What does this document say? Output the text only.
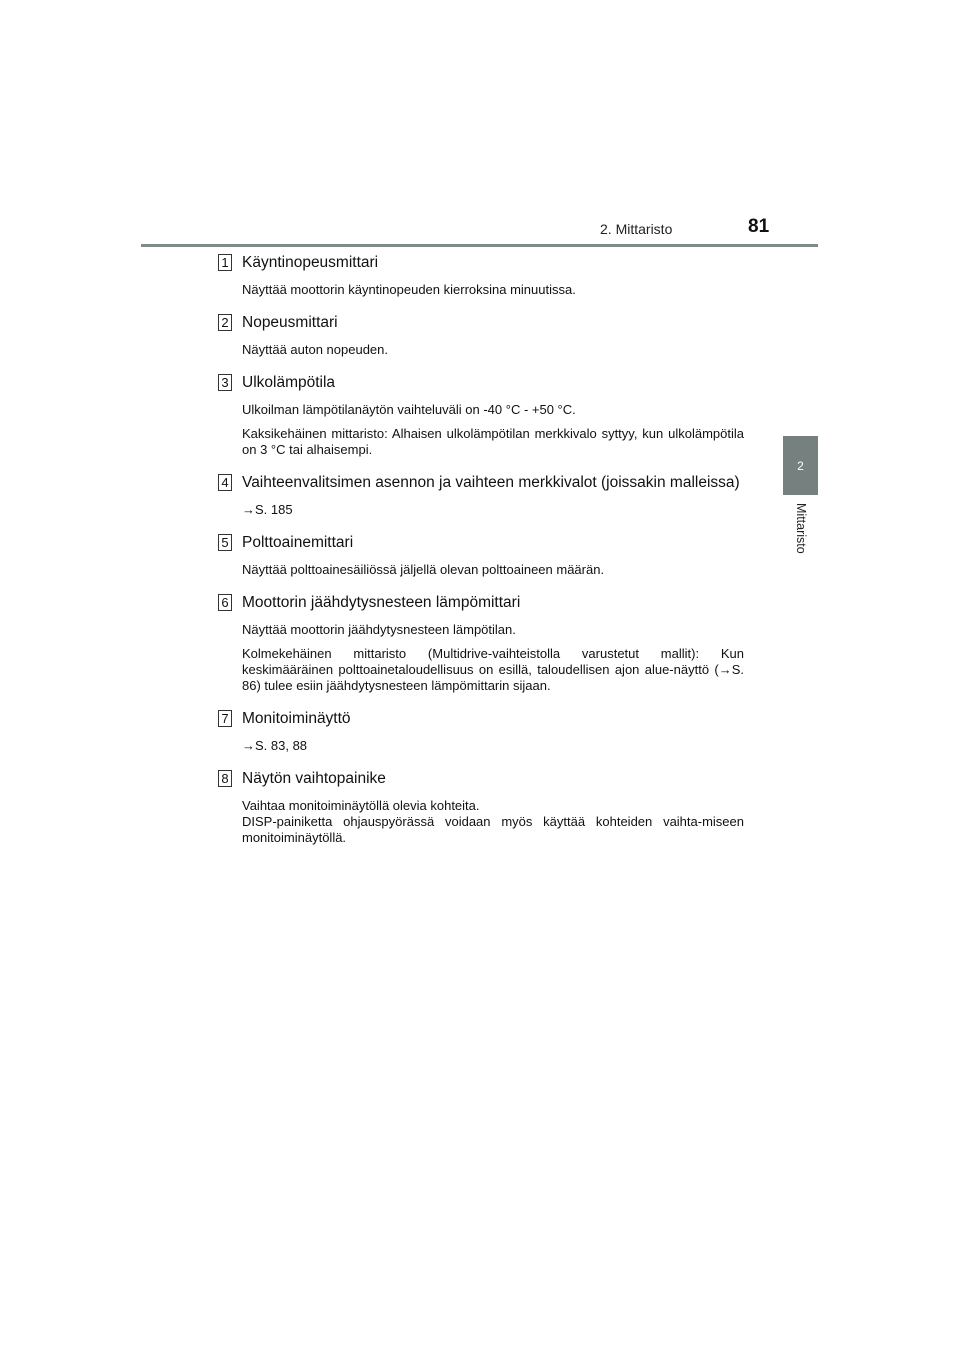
2. Mittaristo	81
2
Mittaristo
1 Käyntinopeusmittari

Näyttää moottorin käyntinopeuden kierroksina minuutissa.

2 Nopeusmittari

Näyttää auton nopeuden.

3 Ulkolämpötila

Ulkoilman lämpötilanäytön vaihteluväli on -40 °C - +50 °C.

Kaksikehäinen mittaristo: Alhaisen ulkolämpötilan merkkivalo syttyy, kun ulkolämpötila on 3 °C tai alhaisempi.

4 Vaihteenvalitsimen asennon ja vaihteen merkkivalot (joissakin malleissa)

→S. 185

5 Polttoainemittari

Näyttää polttoainesäiliössä jäljellä olevan polttoaineen määrän.

6 Moottorin jäähdytysnesteen lämpömittari

Näyttää moottorin jäähdytysnesteen lämpötilan.

Kolmekehäinen mittaristo (Multidrive-vaihteistolla varustetut mallit): Kun keskimääräinen polttoainetaloudellisuus on esillä, taloudellisen ajon alue-näyttö (→S. 86) tulee esiin jäähdytysnesteen lämpömittarin sijaan.

7 Monitoiminäyttö

→S. 83, 88

8 Näytön vaihtopainike

Vaihtaa monitoiminäytöllä olevia kohteita.

DISP-painiketta ohjauspyörässä voidaan myös käyttää kohteiden vaihta-miseen monitoiminäytöllä.
